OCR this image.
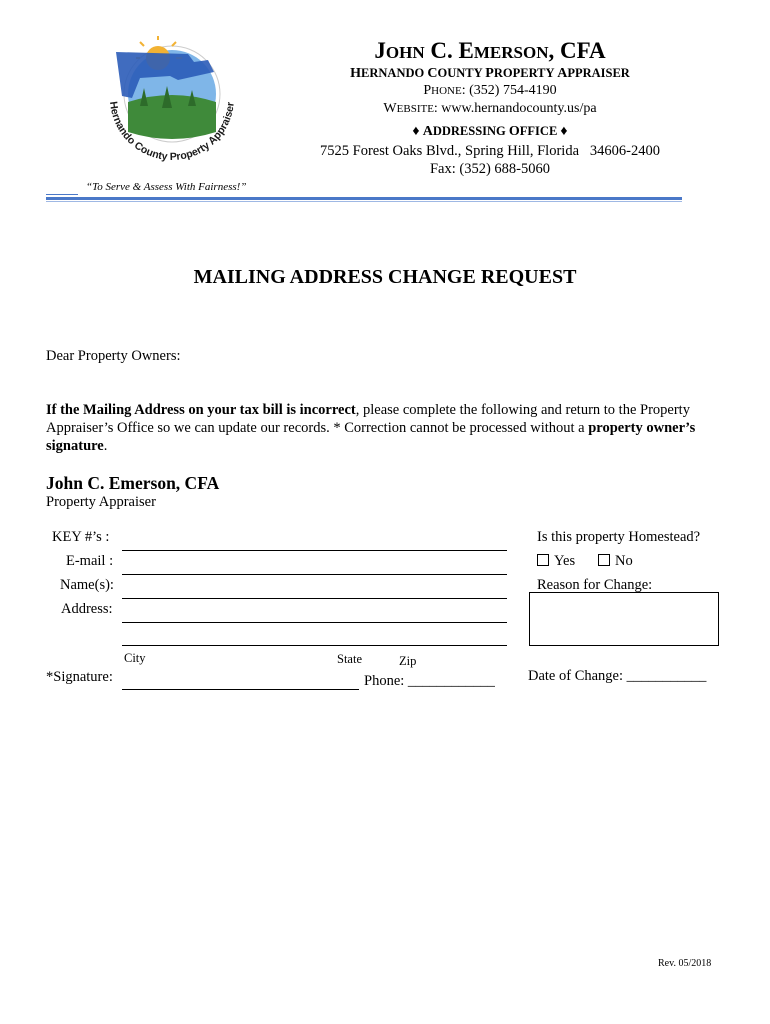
Hernando County Property Appraiser
JOHN C. EMERSON, CFA
HERNANDO COUNTY PROPERTY APPRAISER
PHONE: (352) 754-4190
WEBSITE: www.hernandocounty.us/pa
♦ ADDRESSING OFFICE ♦
7525 Forest Oaks Blvd., Spring Hill, Florida   34606-2400
Fax: (352) 688-5060
“To Serve & Assess With Fairness!”
MAILING ADDRESS CHANGE REQUEST
Dear Property Owners:
If the Mailing Address on your tax bill is incorrect, please complete the following and return to the Property Appraiser’s Office so we can update our records. * Correction cannot be processed without a property owner’s signature.
John C. Emerson, CFA
Property Appraiser
KEY #’s :
E-mail :
Name(s):
Address:
City	State	Zip
*Signature:	Phone: ____________
Is this property Homestead?
Yes	No
Reason for Change:
Date of Change: ___________
Rev. 05/2018
